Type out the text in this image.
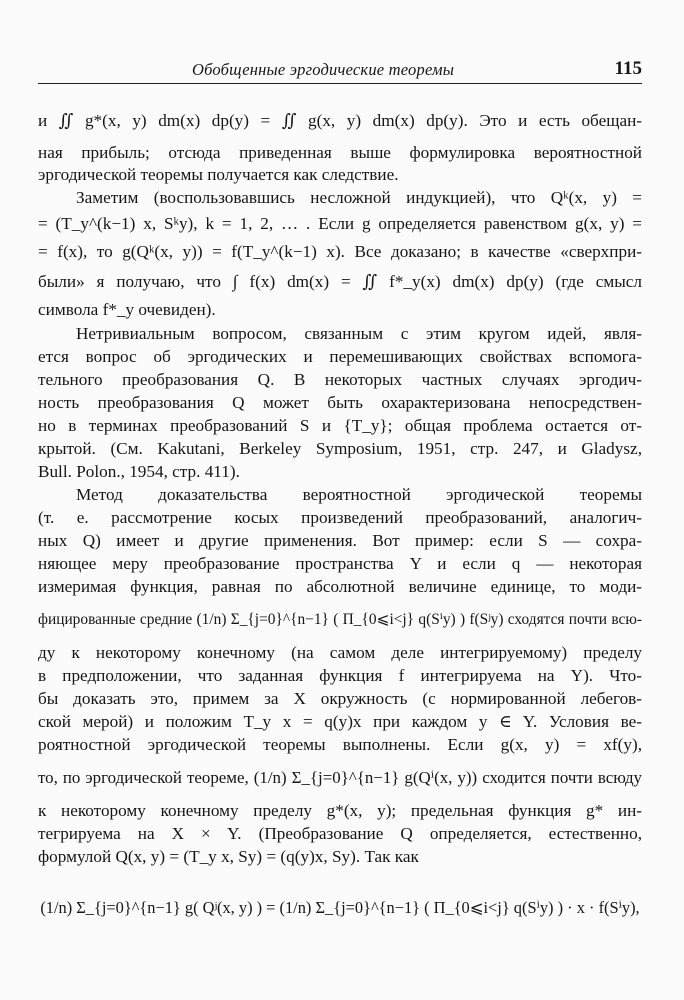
Обобщенные эргодические теоремы	115
и ∬ g*(x, y) dm(x) dp(y) = ∬ g(x, y) dm(x) dp(y). Это и есть обещан-
ная прибыль; отсюда приведенная выше формулировка вероятностной
эргодической теоремы получается как следствие.
Заметим (воспользовавшись несложной индукцией), что Qᵏ(x, y) =
= (T_y^(k−1) x, Sᵏy), k = 1, 2, … . Если g определяется равенством g(x, y) =
= f(x), то g(Qᵏ(x, y)) = f(T_y^(k−1) x). Все доказано; в качестве «сверхпри-
были» я получаю, что ∫ f(x) dm(x) = ∬ f*_y(x) dm(x) dp(y) (где смысл
символа f*_y очевиден).
Нетривиальным вопросом, связанным с этим кругом идей, явля-
ется вопрос об эргодических и перемешивающих свойствах вспомога-
тельного преобразования Q. В некоторых частных случаях эргодич-
ность преобразования Q может быть охарактеризована непосредствен-
но в терминах преобразований S и {T_y}; общая проблема остается от-
крытой. (См. Kakutani, Berkeley Symposium, 1951, стр. 247, и Gladysz,
Bull. Polon., 1954, стр. 411).
Метод доказательства вероятностной эргодической теоремы
(т. е. рассмотрение косых произведений преобразований, аналогич-
ных Q) имеет и другие применения. Вот пример: если S — сохра-
няющее меру преобразование пространства Y и если q — некоторая
измеримая функция, равная по абсолютной величине единице, то моди-
фицированные средние (1/n) Σ_{j=0}^{n−1} ( Π_{0⩽i<j} q(Sⁱy) ) f(Sʲy) сходятся почти всю-
ду к некоторому конечному (на самом деле интегрируемому) пределу
в предположении, что заданная функция f интегрируема на Y). Что-
бы доказать это, примем за X окружность (с нормированной лебегов-
ской мерой) и положим T_y x = q(y)x при каждом y ∈ Y. Условия ве-
роятностной эргодической теоремы выполнены. Если g(x, y) = xf(y),
то, по эргодической теореме, (1/n) Σ_{j=0}^{n−1} g(Qⁱ(x, y)) сходится почти всюду
к некоторому конечному пределу g*(x, y); предельная функция g* ин-
тегрируема на X × Y. (Преобразование Q определяется, естественно,
формулой Q(x, y) = (T_y x, Sy) = (q(y)x, Sy). Так как
(1/n) Σ_{j=0}^{n−1} g( Qʲ(x, y) ) = (1/n) Σ_{j=0}^{n−1} ( Π_{0⩽i<j} q(Sⁱy) ) · x · f(Sⁱy),
